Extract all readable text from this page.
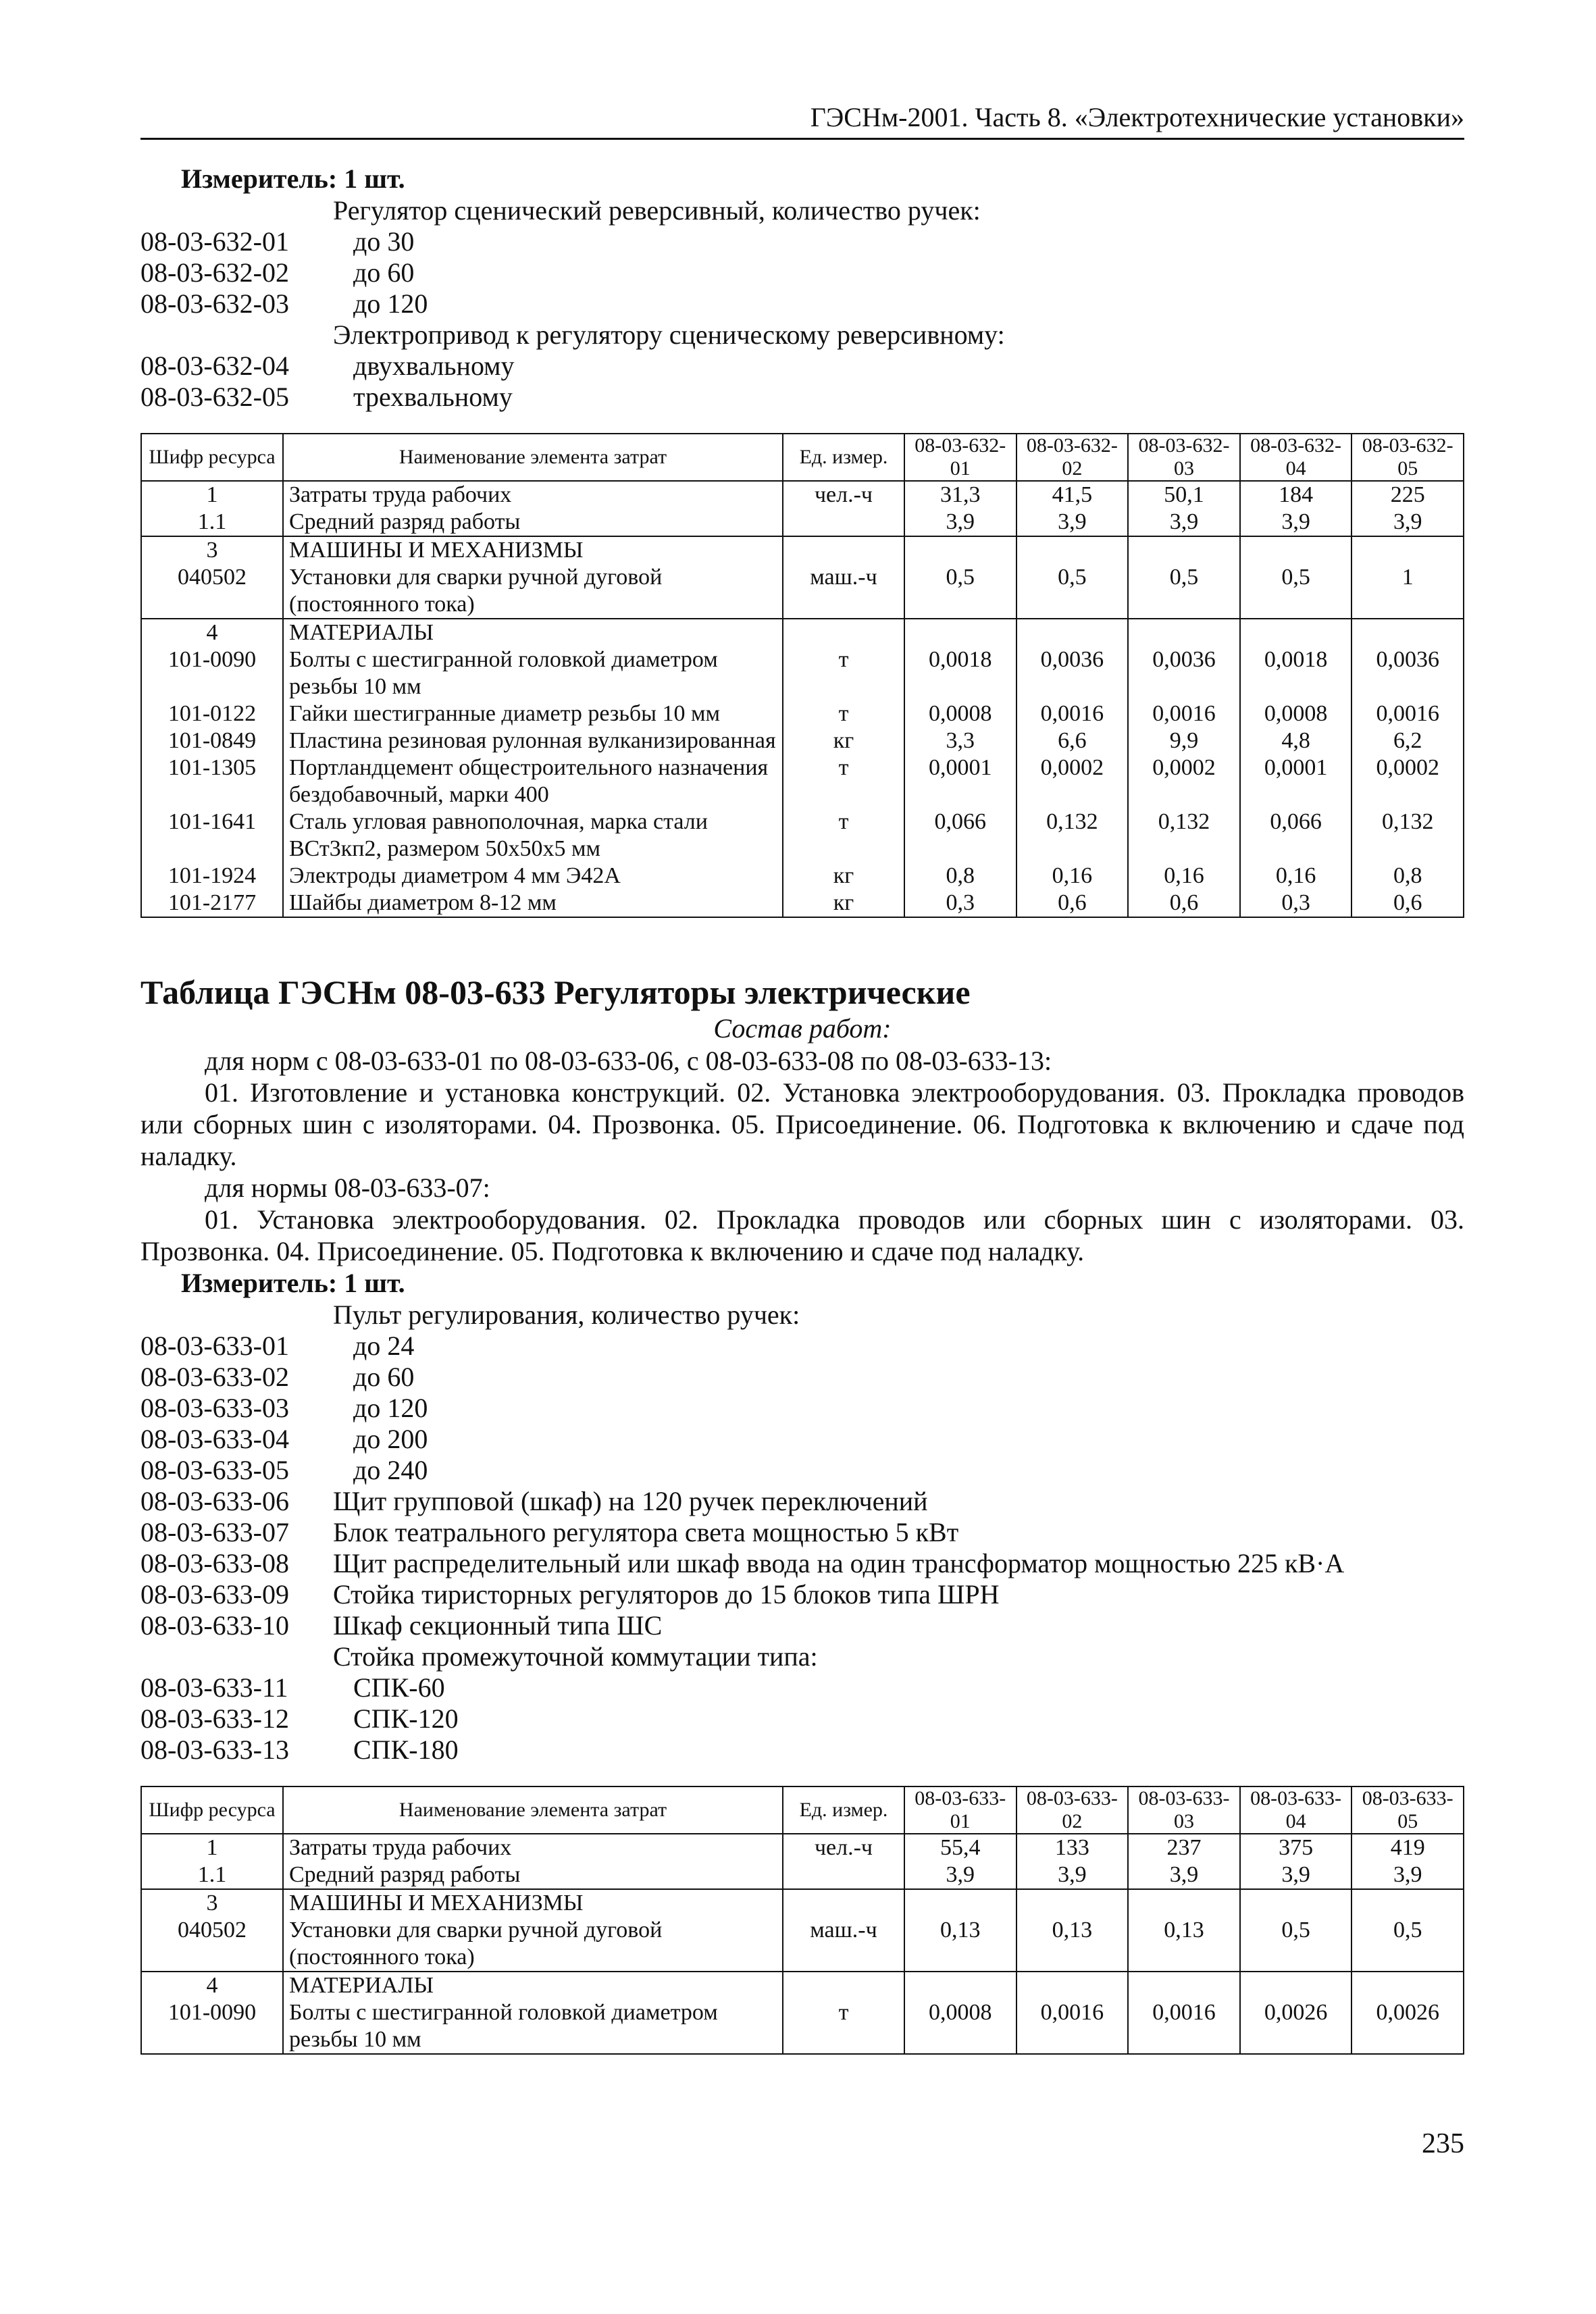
ГЭСНм-2001. Часть 8. «Электротехнические установки»
Измеритель: 1 шт.
Регулятор сценический реверсивный, количество ручек:
08-03-632-01	до 30
08-03-632-02	до 60
08-03-632-03	до 120
Электропривод к регулятору сценическому реверсивному:
08-03-632-04	двухвальному
08-03-632-05	трехвальному
Шифр ресурса	Наименование элемента затрат	Ед. измер.	08-03-632-01	08-03-632-02	08-03-632-03	08-03-632-04	08-03-632-05
1	Затраты труда рабочих	чел.-ч	31,3	41,5	50,1	184	225
1.1	Средний разряд работы		3,9	3,9	3,9	3,9	3,9
3	МАШИНЫ И МЕХАНИЗМЫ						
040502	Установки для сварки ручной дуговой (постоянного тока)	маш.-ч	0,5	0,5	0,5	0,5	1
4	МАТЕРИАЛЫ						
101-0090	Болты с шестигранной головкой диаметром резьбы 10 мм	т	0,0018	0,0036	0,0036	0,0018	0,0036
101-0122	Гайки шестигранные диаметр резьбы 10 мм	т	0,0008	0,0016	0,0016	0,0008	0,0016
101-0849	Пластина резиновая рулонная вулканизированная	кг	3,3	6,6	9,9	4,8	6,2
101-1305	Портландцемент общестроительного назначения бездобавочный, марки 400	т	0,0001	0,0002	0,0002	0,0001	0,0002
101-1641	Сталь угловая равнополочная, марка стали ВСт3кп2, размером 50х50х5 мм	т	0,066	0,132	0,132	0,066	0,132
101-1924	Электроды диаметром 4 мм Э42А	кг	0,8	0,16	0,16	0,16	0,8
101-2177	Шайбы диаметром 8-12 мм	кг	0,3	0,6	0,6	0,3	0,6
Таблица ГЭСНм 08-03-633 Регуляторы электрические
Состав работ:
для норм с 08-03-633-01 по 08-03-633-06, с 08-03-633-08 по 08-03-633-13:
01. Изготовление и установка конструкций. 02. Установка электрооборудования. 03. Прокладка проводов или сборных шин с изоляторами. 04. Прозвонка. 05. Присоединение. 06. Подготовка к включению и сдаче под наладку.
для нормы 08-03-633-07:
01. Установка электрооборудования. 02. Прокладка проводов или сборных шин с изоляторами. 03. Прозвонка. 04. Присоединение. 05. Подготовка к включению и сдаче под наладку.
Измеритель: 1 шт.
Пульт регулирования, количество ручек:
08-03-633-01	до 24
08-03-633-02	до 60
08-03-633-03	до 120
08-03-633-04	до 200
08-03-633-05	до 240
08-03-633-06	Щит групповой (шкаф) на 120 ручек переключений
08-03-633-07	Блок театрального регулятора света мощностью 5 кВт
08-03-633-08	Щит распределительный или шкаф ввода на один трансформатор мощностью 225 кВ·А
08-03-633-09	Стойка тиристорных регуляторов до 15 блоков типа ШРН
08-03-633-10	Шкаф секционный типа ШС
Стойка промежуточной коммутации типа:
08-03-633-11	СПК-60
08-03-633-12	СПК-120
08-03-633-13	СПК-180
Шифр ресурса	Наименование элемента затрат	Ед. измер.	08-03-633-01	08-03-633-02	08-03-633-03	08-03-633-04	08-03-633-05
1	Затраты труда рабочих	чел.-ч	55,4	133	237	375	419
1.1	Средний разряд работы		3,9	3,9	3,9	3,9	3,9
3	МАШИНЫ И МЕХАНИЗМЫ						
040502	Установки для сварки ручной дуговой (постоянного тока)	маш.-ч	0,13	0,13	0,13	0,5	0,5
4	МАТЕРИАЛЫ						
101-0090	Болты с шестигранной головкой диаметром резьбы 10 мм	т	0,0008	0,0016	0,0016	0,0026	0,0026
235
